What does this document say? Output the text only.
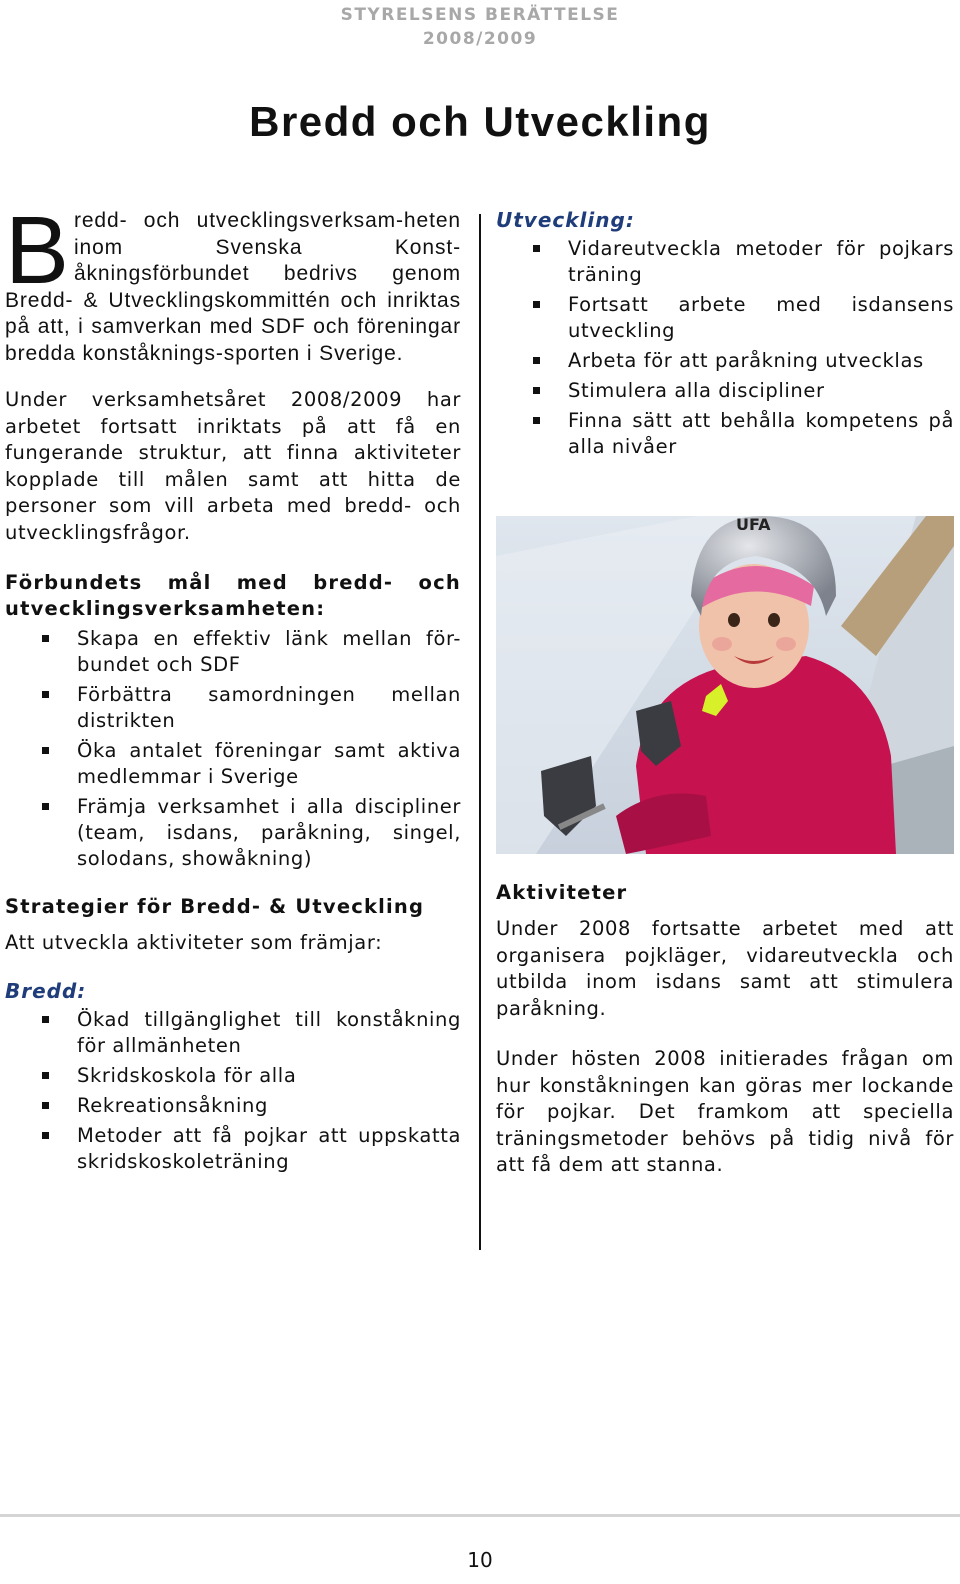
STYRELSENS BERÄTTELSE
2008/2009
Bredd och Utveckling

Bredd- och utvecklingsverksam-heten inom Svenska Konst-åkningsförbundet bedrivs genom Bredd- & Utvecklingskommittén och inriktas på att, i samverkan med SDF och föreningar bredda konståknings-sporten i Sverige.

Under verksamhetsåret 2008/2009 har arbetet fortsatt inriktats på att få en fungerande struktur, att finna aktiviteter kopplade till målen samt att hitta de personer som vill arbeta med bredd- och utvecklingsfrågor.

Förbundets mål med bredd- och utvecklingsverksamheten:
Skapa en effektiv länk mellan för-bundet och SDF
Förbättra samordningen mellan distrikten
Öka antalet föreningar samt aktiva medlemmar i Sverige
Främja verksamhet i alla discipliner (team, isdans, paråkning, singel, solodans, showåkning)
Strategier för Bredd- & Utveckling

Att utveckla aktiviteter som främjar:

Bredd:
Ökad tillgänglighet till konståkning för allmänheten
Skridskoskola för alla
Rekreationsåkning
Metoder att få pojkar att uppskatta skridskoskoleträning
Utveckling:
Vidareutveckla metoder för pojkars träning
Fortsatt arbete med isdansens utveckling
Arbeta för att paråkning utvecklas
Stimulera alla discipliner
Finna sätt att behålla kompetens på alla nivåer
UFA
Aktiviteter

Under 2008 fortsatte arbetet med att organisera pojkläger, vidareutveckla och utbilda inom isdans samt att stimulera paråkning.

Under hösten 2008 initierades frågan om hur konståkningen kan göras mer lockande för pojkar. Det framkom att speciella träningsmetoder behövs på tidig nivå för att få dem att stanna.

10
